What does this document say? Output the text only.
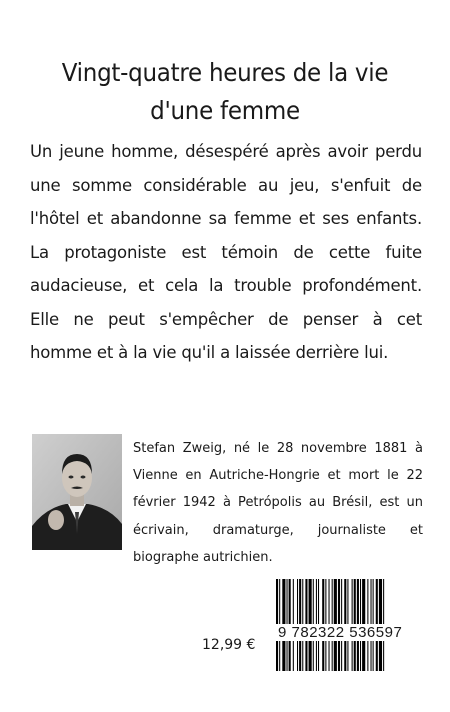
Vingt-quatre heures de la vie d'une femme
Un jeune homme, désespéré après avoir perdu une somme considérable au jeu, s'enfuit de l'hôtel et abandonne sa femme et ses enfants. La protagoniste est témoin de cette fuite audacieuse, et cela la trouble profondément. Elle ne peut s'empêcher de penser à cet homme et à la vie qu'il a laissée derrière lui.
Stefan Zweig, né le 28 novembre 1881 à Vienne en Autriche-Hongrie et mort le 22 février 1942 à Petrópolis au Brésil, est un écrivain, dramaturge, journaliste et biographe autrichien.
9 782322 536597
12,99 €
